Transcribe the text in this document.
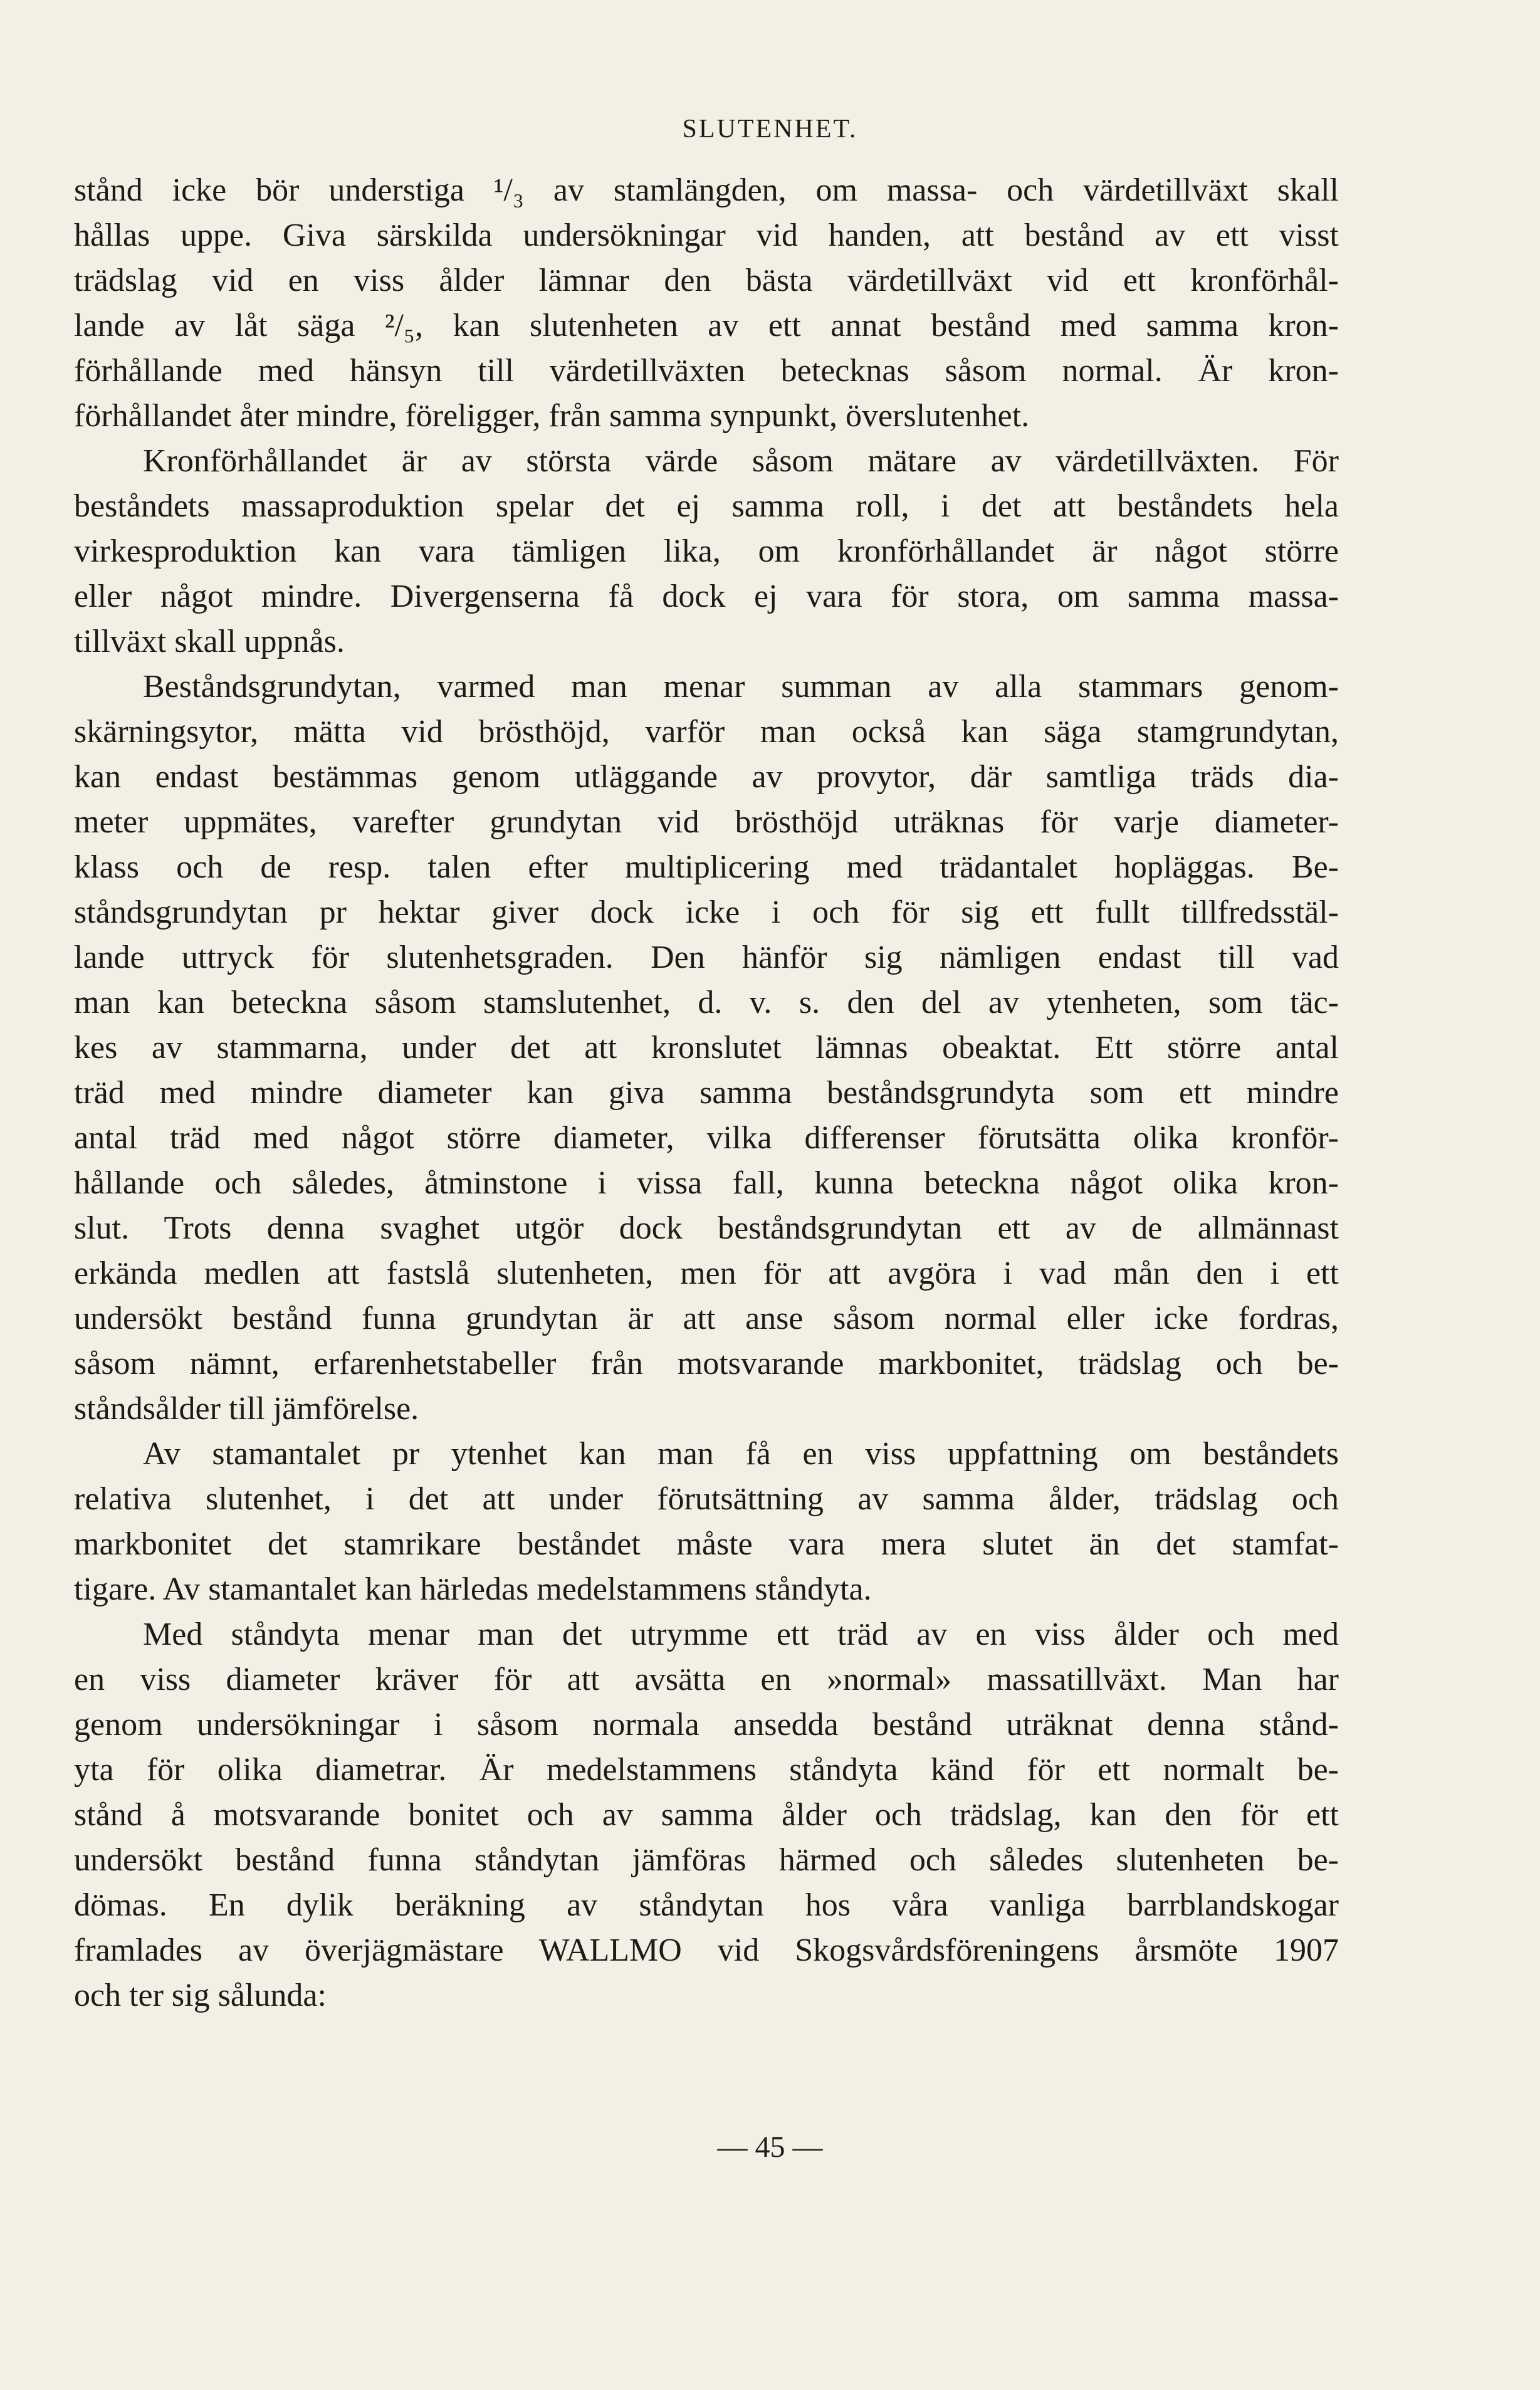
SLUTENHET.
stånd icke bör understiga ¹/₃ av stamlängden, om massa- och värdetillväxt skall
hållas uppe. Giva särskilda undersökningar vid handen, att bestånd av ett visst
trädslag vid en viss ålder lämnar den bästa värdetillväxt vid ett kronförhål-
lande av låt säga ²/₅, kan slutenheten av ett annat bestånd med samma kron-
förhållande med hänsyn till värdetillväxten betecknas såsom normal. Är kron-
förhållandet åter mindre, föreligger, från samma synpunkt, överslutenhet.
Kronförhållandet är av största värde såsom mätare av värdetillväxten. För
beståndets massaproduktion spelar det ej samma roll, i det att beståndets hela
virkesproduktion kan vara tämligen lika, om kronförhållandet är något större
eller något mindre. Divergenserna få dock ej vara för stora, om samma massa-
tillväxt skall uppnås.
Beståndsgrundytan, varmed man menar summan av alla stammars genom-
skärningsytor, mätta vid brösthöjd, varför man också kan säga stamgrundytan,
kan endast bestämmas genom utläggande av provytor, där samtliga träds dia-
meter uppmätes, varefter grundytan vid brösthöjd uträknas för varje diameter-
klass och de resp. talen efter multiplicering med trädantalet hopläggas. Be-
ståndsgrundytan pr hektar giver dock icke i och för sig ett fullt tillfredsstäl-
lande uttryck för slutenhetsgraden. Den hänför sig nämligen endast till vad
man kan beteckna såsom stamslutenhet, d. v. s. den del av ytenheten, som täc-
kes av stammarna, under det att kronslutet lämnas obeaktat. Ett större antal
träd med mindre diameter kan giva samma beståndsgrundyta som ett mindre
antal träd med något större diameter, vilka differenser förutsätta olika kronför-
hållande och således, åtminstone i vissa fall, kunna beteckna något olika kron-
slut. Trots denna svaghet utgör dock beståndsgrundytan ett av de allmännast
erkända medlen att fastslå slutenheten, men för att avgöra i vad mån den i ett
undersökt bestånd funna grundytan är att anse såsom normal eller icke fordras,
såsom nämnt, erfarenhetstabeller från motsvarande markbonitet, trädslag och be-
ståndsålder till jämförelse.
Av stamantalet pr ytenhet kan man få en viss uppfattning om beståndets
relativa slutenhet, i det att under förutsättning av samma ålder, trädslag och
markbonitet det stamrikare beståndet måste vara mera slutet än det stamfat-
tigare. Av stamantalet kan härledas medelstammens ståndyta.
Med ståndyta menar man det utrymme ett träd av en viss ålder och med
en viss diameter kräver för att avsätta en »normal» massatillväxt. Man har
genom undersökningar i såsom normala ansedda bestånd uträknat denna stånd-
yta för olika diametrar. Är medelstammens ståndyta känd för ett normalt be-
stånd å motsvarande bonitet och av samma ålder och trädslag, kan den för ett
undersökt bestånd funna ståndytan jämföras härmed och således slutenheten be-
dömas. En dylik beräkning av ståndytan hos våra vanliga barrblandskogar
framlades av överjägmästare WALLMO vid Skogsvårdsföreningens årsmöte 1907
och ter sig sålunda:
— 45 —
